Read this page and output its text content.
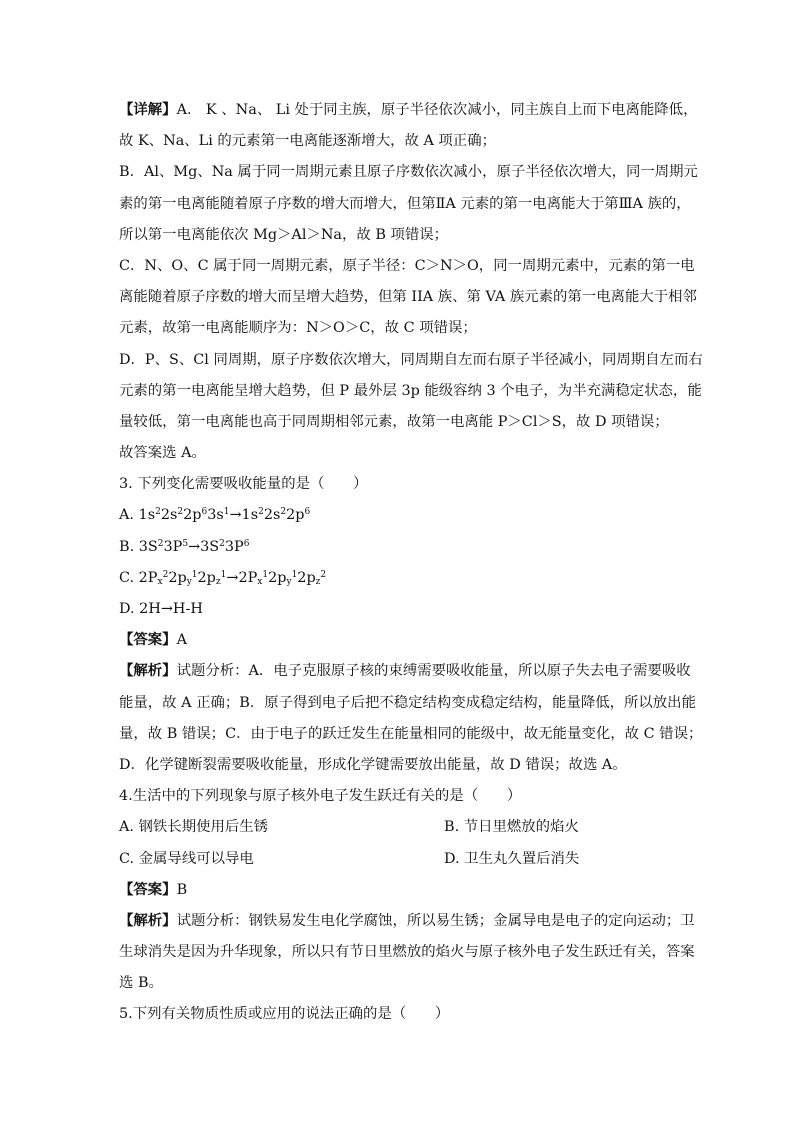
【详解】A． K 、Na、 Li 处于同主族，原子半径依次减小，同主族自上而下电离能降低，
故 K、Na、Li 的元素第一电离能逐渐增大，故 A 项正确；
B．Al、Mg、Na 属于同一周期元素且原子序数依次减小，原子半径依次增大，同一周期元
素的第一电离能随着原子序数的增大而增大，但第ⅡA 元素的第一电离能大于第ⅢA 族的，
所以第一电离能依次 Mg＞Al＞Na，故 B 项错误；
C．N、O、C 属于同一周期元素，原子半径：C＞N＞O，同一周期元素中，元素的第一电
离能随着原子序数的增大而呈增大趋势，但第 IIA 族、第 VA 族元素的第一电离能大于相邻
元素，故第一电离能顺序为：N＞O＞C，故 C 项错误；
D．P、S、Cl 同周期，原子序数依次增大，同周期自左而右原子半径减小，同周期自左而右
元素的第一电离能呈增大趋势，但 P 最外层 3p 能级容纳 3 个电子，为半充满稳定状态，能
量较低，第一电离能也高于同周期相邻元素，故第一电离能 P＞Cl＞S，故 D 项错误；
故答案选 A。
3. 下列变化需要吸收能量的是（　　）
A. $1s^22s^22p^63s^1\to 1s^22s^22p^6$
B. $3S^23P^5\to 3S^23P^6$
C. $2P_x^22p_y^12p_z^1\to 2P_x^12p_y^12p_z^2$
D. 2H→H-H
【答案】A
【解析】试题分析：A．电子克服原子核的束缚需要吸收能量，所以原子失去电子需要吸收
能量，故 A 正确；B．原子得到电子后把不稳定结构变成稳定结构，能量降低，所以放出能
量，故 B 错误；C．由于电子的跃迁发生在能量相同的能级中，故无能量变化，故 C 错误；
D．化学键断裂需要吸收能量，形成化学键需要放出能量，故 D 错误；故选 A。
4.生活中的下列现象与原子核外电子发生跃迁有关的是（　　）
A. 钢铁长期使用后生锈	B. 节日里燃放的焰火
C. 金属导线可以导电	D. 卫生丸久置后消失
【答案】B
【解析】试题分析：钢铁易发生电化学腐蚀，所以易生锈；金属导电是电子的定向运动；卫
生球消失是因为升华现象，所以只有节日里燃放的焰火与原子核外电子发生跃迁有关，答案
选 B。
5.下列有关物质性质或应用的说法正确的是（　　）
